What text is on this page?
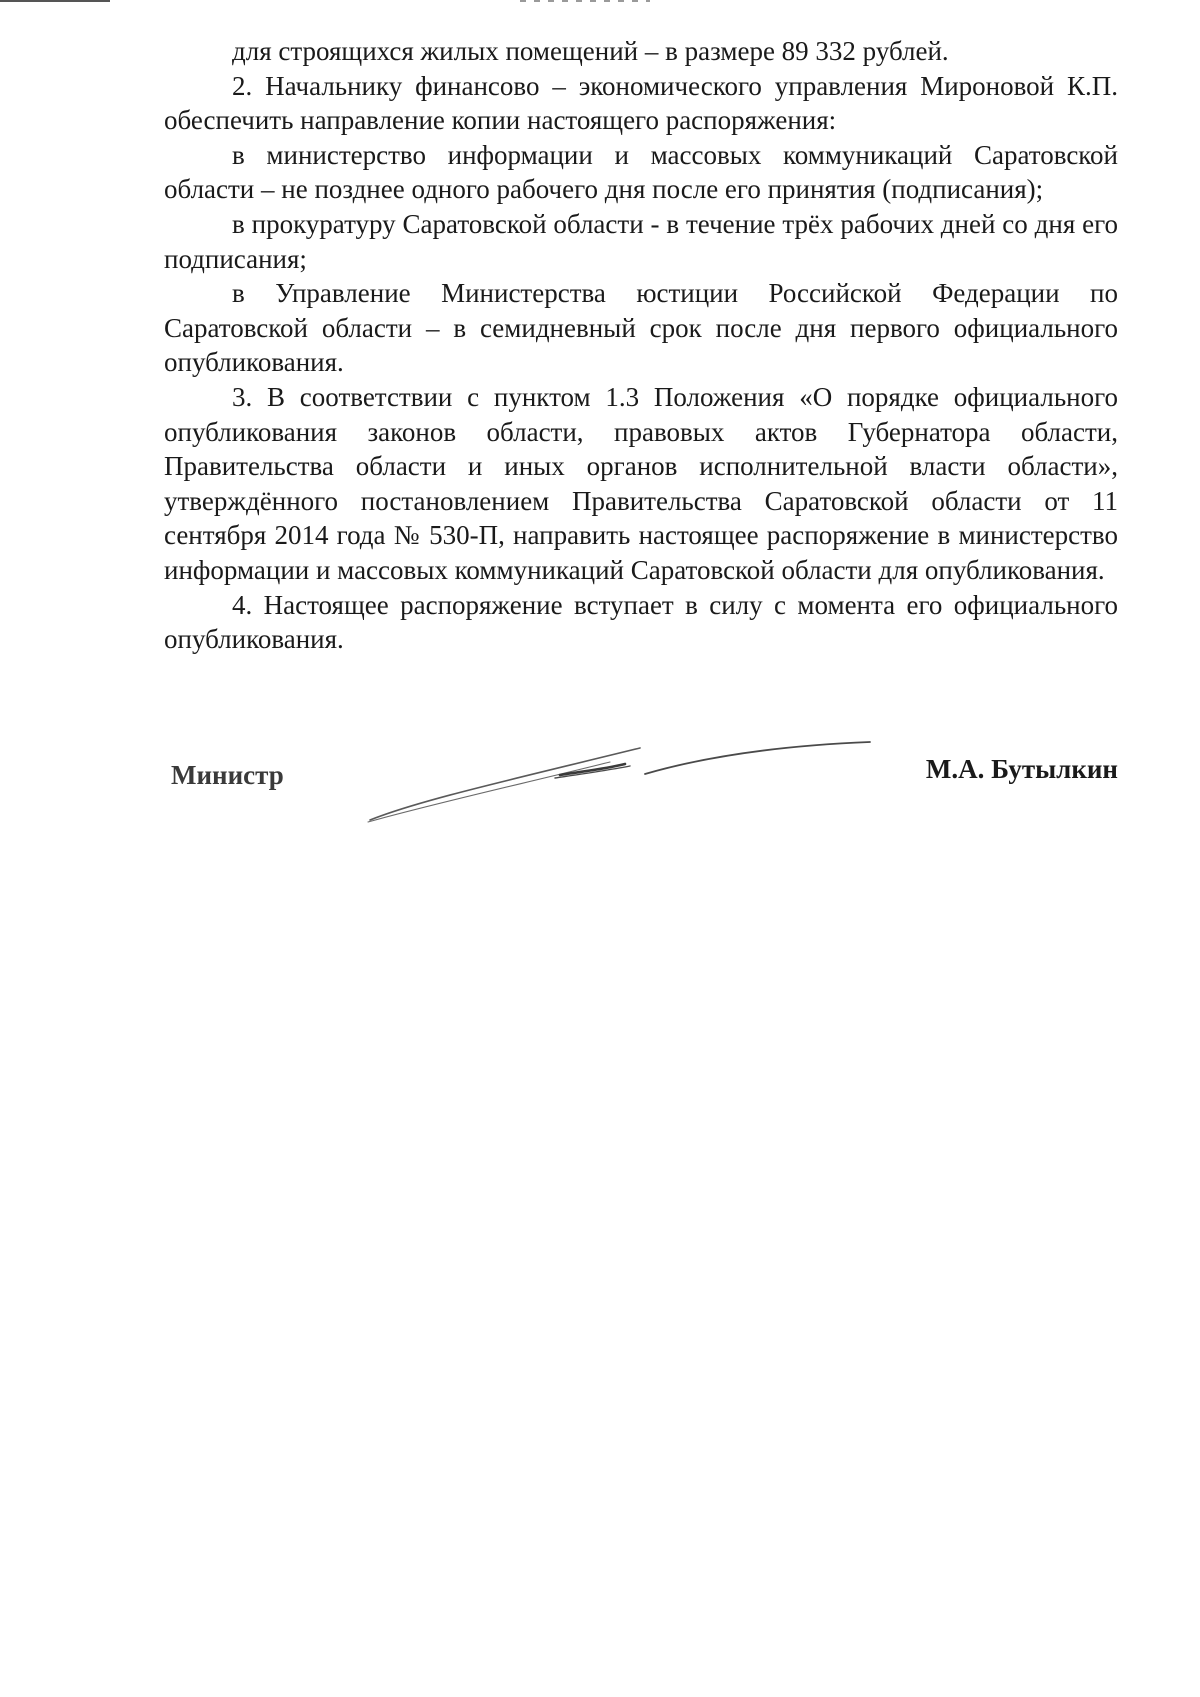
для строящихся жилых помещений – в размере 89 332 рублей.

2. Начальнику финансово – экономического управления Мироновой К.П. обеспечить направление копии настоящего распоряжения:

в министерство информации и массовых коммуникаций Саратовской области – не позднее одного рабочего дня после его принятия (подписания);

в прокуратуру Саратовской области - в течение трёх рабочих дней со дня его подписания;

в Управление Министерства юстиции Российской Федерации по Саратовской области – в семидневный срок после дня первого официального опубликования.

3. В соответствии с пунктом 1.3 Положения «О порядке официального опубликования законов области, правовых актов Губернатора области, Правительства области и иных органов исполнительной власти области», утверждённого постановлением Правительства Саратовской области от 11 сентября 2014 года № 530-П, направить настоящее распоряжение в министерство информации и массовых коммуникаций Саратовской области для опубликования.

4. Настоящее распоряжение вступает в силу с момента его официального опубликования.

Министр	М.А. Бутылкин
